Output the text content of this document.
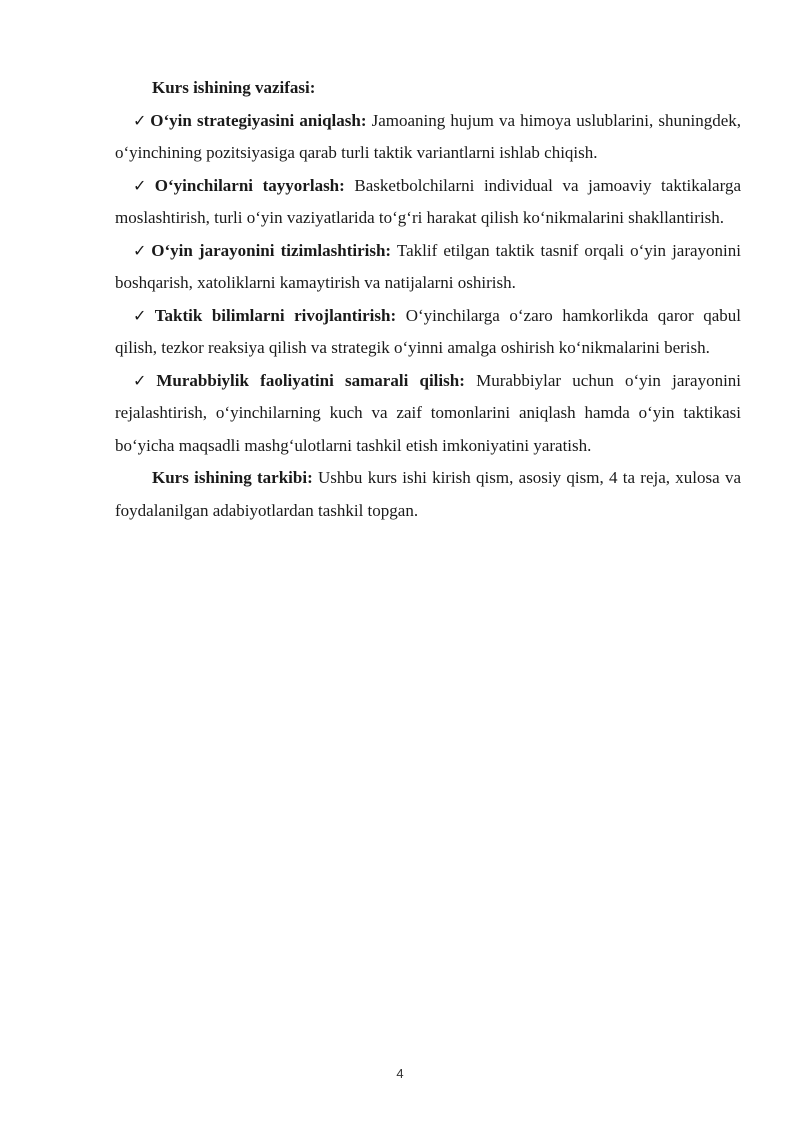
Kurs ishining vazifasi:

✓ O‘yin strategiyasini aniqlash: Jamoaning hujum va himoya uslublarini, shuningdek, o‘yinchining pozitsiyasiga qarab turli taktik variantlarni ishlab chiqish.

✓ O‘yinchilarni tayyorlash: Basketbolchilarni individual va jamoaviy taktikalarga moslashtirish, turli o‘yin vaziyatlarida to‘g‘ri harakat qilish ko‘nikmalarini shakllantirish.

✓ O‘yin jarayonini tizimlashtirish: Taklif etilgan taktik tasnif orqali o‘yin jarayonini boshqarish, xatoliklarni kamaytirish va natijalarni oshirish.

✓ Taktik bilimlarni rivojlantirish: O‘yinchilarga o‘zaro hamkorlikda qaror qabul qilish, tezkor reaksiya qilish va strategik o‘yinni amalga oshirish ko‘nikmalarini berish.

✓ Murabbiylik faoliyatini samarali qilish: Murabbiylar uchun o‘yin jarayonini rejalashtirish, o‘yinchilarning kuch va zaif tomonlarini aniqlash hamda o‘yin taktikasi bo‘yicha maqsadli mashg‘ulotlarni tashkil etish imkoniyatini yaratish.

Kurs ishining tarkibi: Ushbu kurs ishi kirish qism, asosiy qism, 4 ta reja, xulosa va foydalanilgan adabiyotlardan tashkil topgan.

4
